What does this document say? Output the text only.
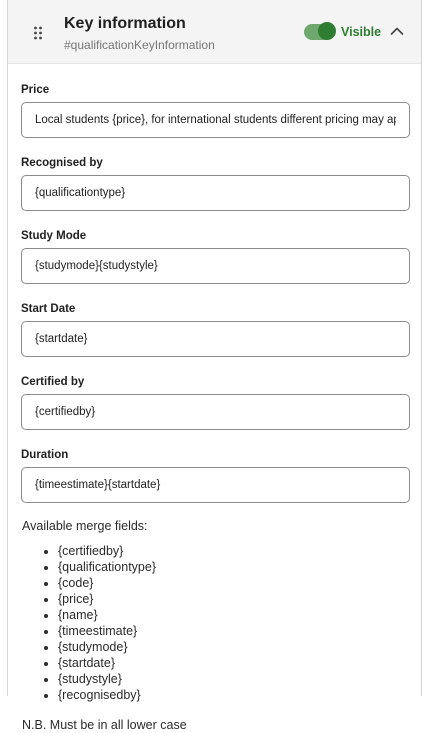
Key information
#qualificationKeyInformation
Visible
Price
Local students {price}, for international students different pricing may apply
Recognised by
{qualificationtype}
Study Mode
{studymode}{studystyle}
Start Date
{startdate}
Certified by
{certifiedby}
Duration
{timeestimate}{startdate}
Available merge fields:
• {certifiedby}
• {qualificationtype}
• {code}
• {price}
• {name}
• {timeestimate}
• {studymode}
• {startdate}
• {studystyle}
• {recognisedby}
N.B. Must be in all lower case
